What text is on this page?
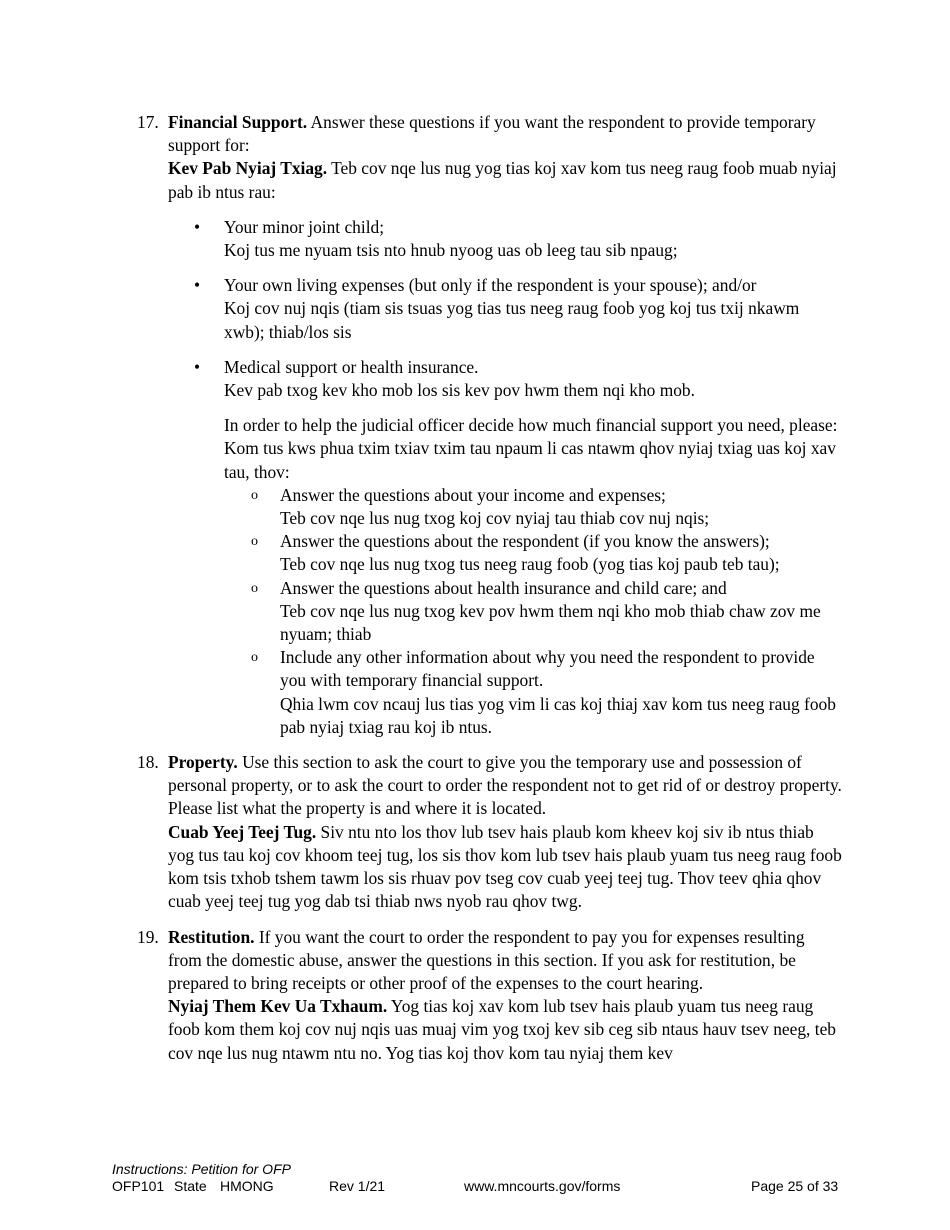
17. Financial Support. Answer these questions if you want the respondent to provide temporary support for:

Kev Pab Nyiaj Txiag. Teb cov nqe lus nug yog tias koj xav kom tus neeg raug foob muab nyiaj pab ib ntus rau:

• Your minor joint child;
Koj tus me nyuam tsis nto hnub nyoog uas ob leeg tau sib npaug;
• Your own living expenses (but only if the respondent is your spouse); and/or
Koj cov nuj nqis (tiam sis tsuas yog tias tus neeg raug foob yog koj tus txij nkawm xwb); thiab/los sis
• Medical support or health insurance.
Kev pab txog kev kho mob los sis kev pov hwm them nqi kho mob.

In order to help the judicial officer decide how much financial support you need, please:

Kom tus kws phua txim txiav txim tau npaum li cas ntawm qhov nyiaj txiag uas koj xav tau, thov:

o Answer the questions about your income and expenses;
Teb cov nqe lus nug txog koj cov nyiaj tau thiab cov nuj nqis;
o Answer the questions about the respondent (if you know the answers);
Teb cov nqe lus nug txog tus neeg raug foob (yog tias koj paub teb tau);
o Answer the questions about health insurance and child care; and
Teb cov nqe lus nug txog kev pov hwm them nqi kho mob thiab chaw zov me nyuam; thiab
o Include any other information about why you need the respondent to provide you with temporary financial support.
Qhia lwm cov ncauj lus tias yog vim li cas koj thiaj xav kom tus neeg raug foob pab nyiaj txiag rau koj ib ntus.
18. Property. Use this section to ask the court to give you the temporary use and possession of personal property, or to ask the court to order the respondent not to get rid of or destroy property. Please list what the property is and where it is located.

Cuab Yeej Teej Tug. Siv ntu nto los thov lub tsev hais plaub kom kheev koj siv ib ntus thiab yog tus tau koj cov khoom teej tug, los sis thov kom lub tsev hais plaub yuam tus neeg raug foob kom tsis txhob tshem tawm los sis rhuav pov tseg cov cuab yeej teej tug. Thov teev qhia qhov cuab yeej teej tug yog dab tsi thiab nws nyob rau qhov twg.

19. Restitution. If you want the court to order the respondent to pay you for expenses resulting from the domestic abuse, answer the questions in this section. If you ask for restitution, be prepared to bring receipts or other proof of the expenses to the court hearing.

Nyiaj Them Kev Ua Txhaum. Yog tias koj xav kom lub tsev hais plaub yuam tus neeg raug foob kom them koj cov nuj nqis uas muaj vim yog txoj kev sib ceg sib ntaus hauv tsev neeg, teb cov nqe lus nug ntawm ntu no. Yog tias koj thov kom tau nyiaj them kev

Instructions: Petition for OFP
OFP101 State HMONG	Rev 1/21	www.mncourts.gov/forms	Page 25 of 33
